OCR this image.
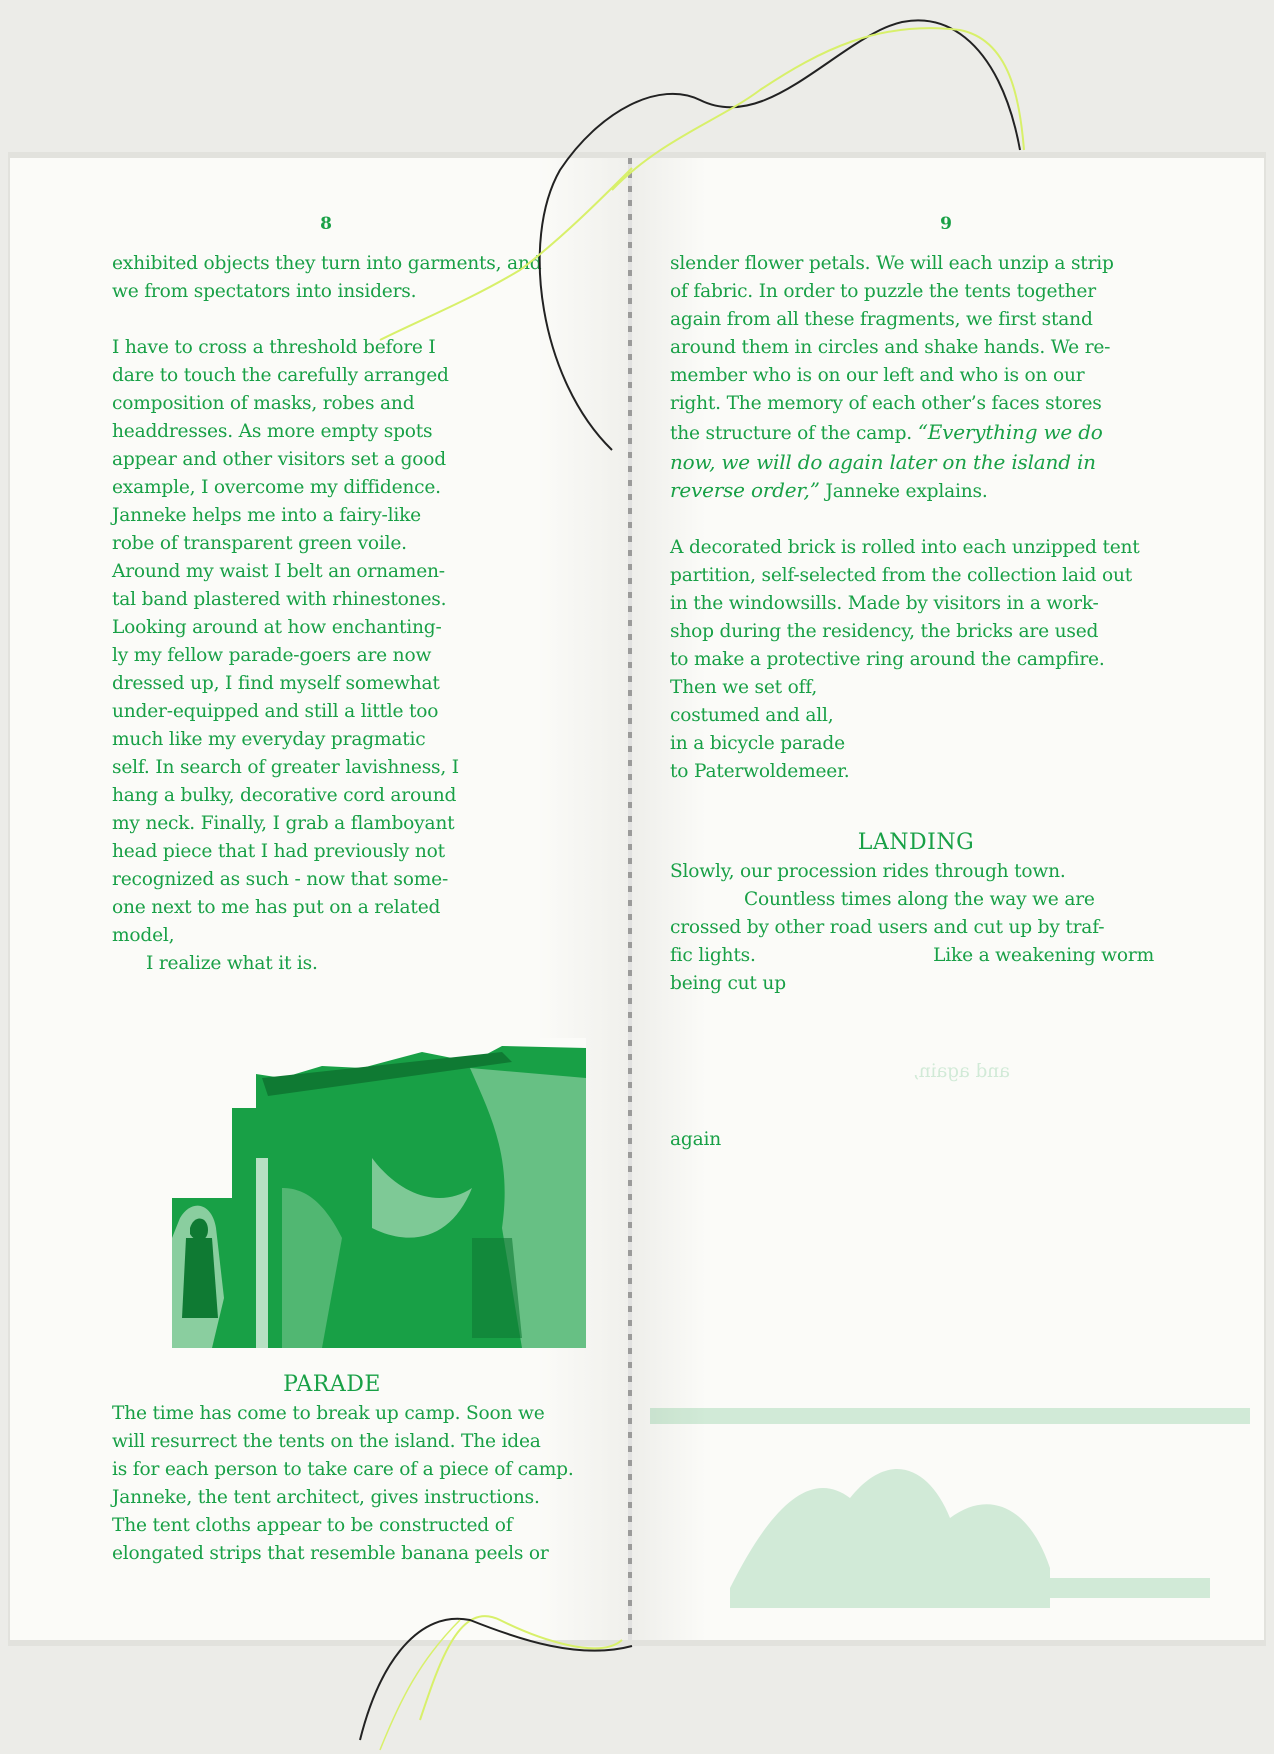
8

exhibited objects they turn into garments, and

we from spectators into insiders.

I have to cross a threshold before I

dare to touch the carefully arranged

composition of masks, robes and

headdresses. As more empty spots

appear and other visitors set a good

example, I overcome my diffidence.

Janneke helps me into a fairy-like

robe of transparent green voile.

Around my waist I belt an ornamen-

tal band plastered with rhinestones.

Looking around at how enchanting-

ly my fellow parade-goers are now

dressed up, I find myself somewhat

under-equipped and still a little too

much like my everyday pragmatic

self. In search of greater lavishness, I

hang a bulky, decorative cord around

my neck. Finally, I grab a flamboyant

head piece that I had previously not

recognized as such - now that some-

one next to me has put on a related

model,

I realize what it is.

PARADE

The time has come to break up camp. Soon we

will resurrect the tents on the island. The idea

is for each person to take care of a piece of camp.

Janneke, the tent architect, gives instructions.

The tent cloths appear to be constructed of

elongated strips that resemble banana peels or

9

slender flower petals. We will each unzip a strip

of fabric. In order to puzzle the tents together

again from all these fragments, we first stand

around them in circles and shake hands. We re-

member who is on our left and who is on our

right. The memory of each other’s faces stores

the structure of the camp. “Everything we do

now, we will do again later on the island in

reverse order,” Janneke explains.

A decorated brick is rolled into each unzipped tent

partition, self-selected from the collection laid out

in the windowsills. Made by visitors in a work-

shop during the residency, the bricks are used

to make a protective ring around the campfire.

Then we set off,

costumed and all,

in a bicycle parade

to Paterwoldemeer.

LANDING

Slowly, our procession rides through town.

Countless times along the way we are

crossed by other road users and cut up by traf-

fic lights.	Like a weakening worm

being cut up

and again,
again
